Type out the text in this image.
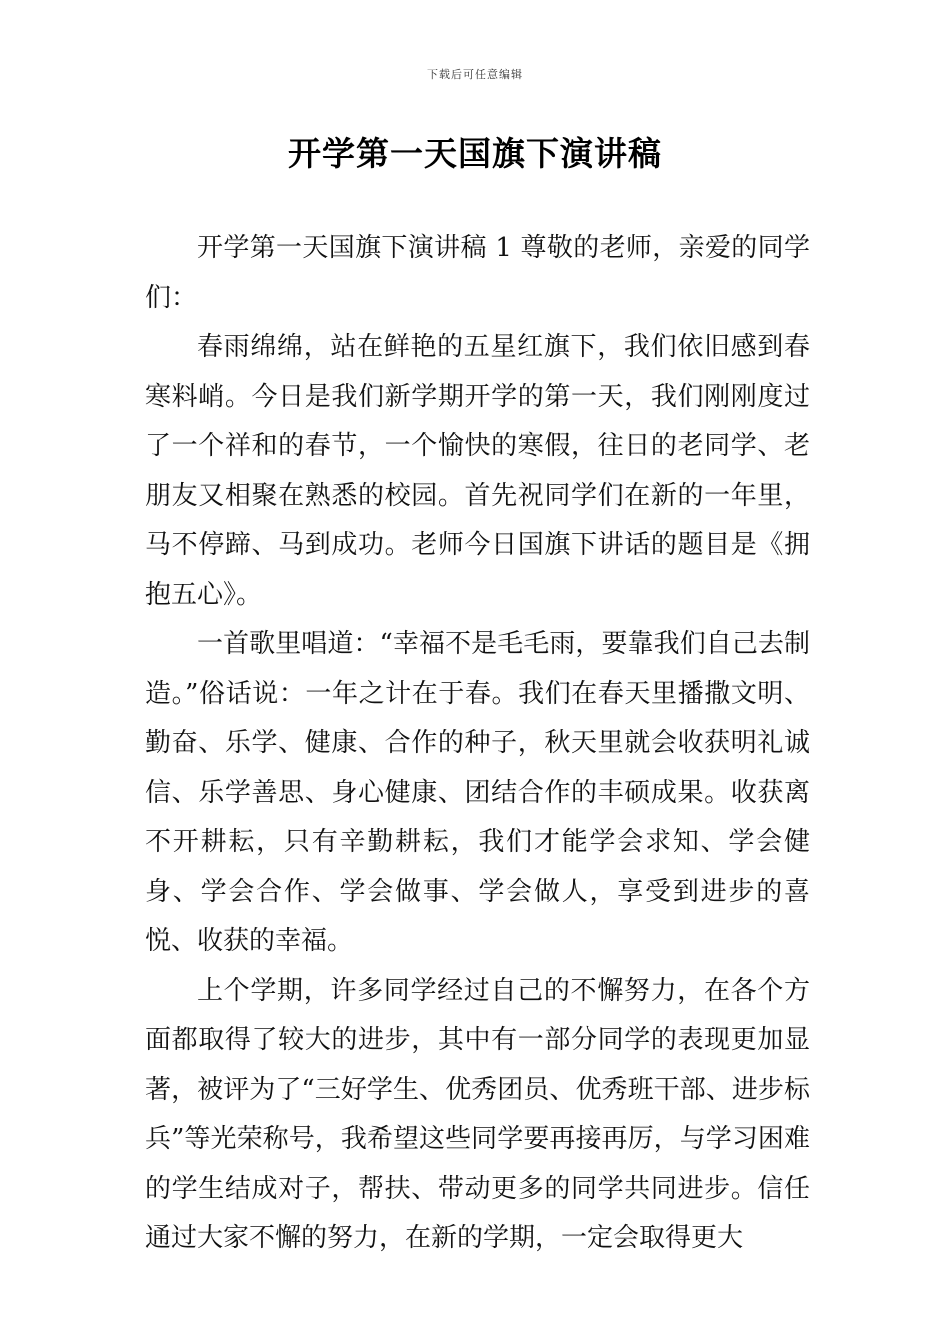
下载后可任意编辑
开学第一天国旗下演讲稿

开学第一天国旗下演讲稿 1 尊敬的老师，亲爱的同学们：

春雨绵绵，站在鲜艳的五星红旗下，我们依旧感到春寒料峭。今日是我们新学期开学的第一天，我们刚刚度过了一个祥和的春节，一个愉快的寒假，往日的老同学、老朋友又相聚在熟悉的校园。首先祝同学们在新的一年里，马不停蹄、马到成功。老师今日国旗下讲话的题目是《拥抱五心》。

一首歌里唱道：“幸福不是毛毛雨，要靠我们自己去制造。”俗话说：一年之计在于春。我们在春天里播撒文明、勤奋、乐学、健康、合作的种子，秋天里就会收获明礼诚信、乐学善思、身心健康、团结合作的丰硕成果。收获离不开耕耘，只有辛勤耕耘，我们才能学会求知、学会健身、学会合作、学会做事、学会做人，享受到进步的喜悦、收获的幸福。

上个学期，许多同学经过自己的不懈努力，在各个方面都取得了较大的进步，其中有一部分同学的表现更加显著，被评为了“三好学生、优秀团员、优秀班干部、进步标兵”等光荣称号，我希望这些同学要再接再厉，与学习困难的学生结成对子，帮扶、带动更多的同学共同进步。信任通过大家不懈的努力，在新的学期，一定会取得更大
